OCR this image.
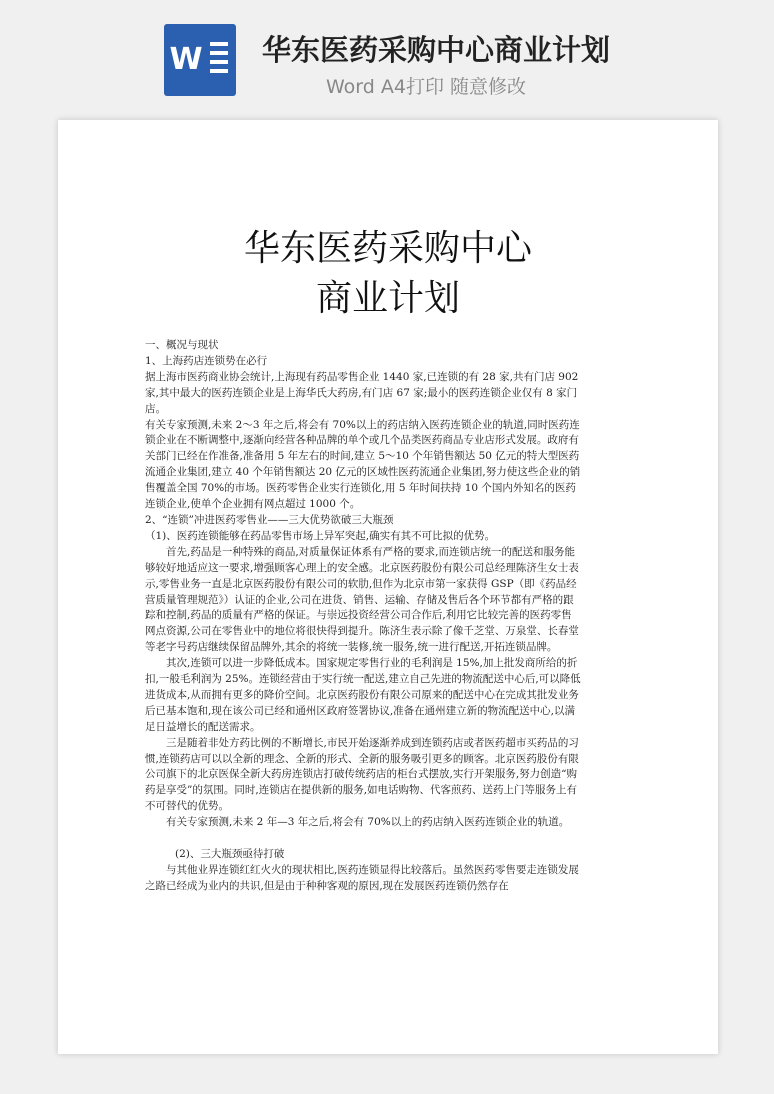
W 华东医药采购中心商业计划
Word A4打印 随意修改
华东医药采购中心
商业计划

一、概况与现状

1、上海药店连锁势在必行

据上海市医药商业协会统计,上海现有药品零售企业 1440 家,已连锁的有 28 家,共有门店 902 家,其中最大的医药连锁企业是上海华氏大药房,有门店 67 家;最小的医药连锁企业仅有 8 家门店。

有关专家预测,未来 2～3 年之后,将会有 70%以上的药店纳入医药连锁企业的轨道,同时医药连锁企业在不断调整中,逐渐向经营各种品牌的单个或几个品类医药商品专业店形式发展。政府有关部门已经在作准备,准备用 5 年左右的时间,建立 5～10 个年销售额达 50 亿元的特大型医药流通企业集团,建立 40 个年销售额达 20 亿元的区域性医药流通企业集团,努力使这些企业的销售覆盖全国 70%的市场。医药零售企业实行连锁化,用 5 年时间扶持 10 个国内外知名的医药连锁企业,使单个企业拥有网点超过 1000 个。

2、“连锁”冲进医药零售业——三大优势欲破三大瓶颈

（1)、医药连锁能够在药品零售市场上异军突起,确实有其不可比拟的优势。

首先,药品是一种特殊的商品,对质量保证体系有严格的要求,而连锁店统一的配送和服务能够较好地适应这一要求,增强顾客心理上的安全感。北京医药股份有限公司总经理陈济生女士表示,零售业务一直是北京医药股份有限公司的软肋,但作为北京市第一家获得 GSP（即《药品经营质量管理规范》）认证的企业,公司在进货、销售、运输、存储及售后各个环节都有严格的跟踪和控制,药品的质量有严格的保证。与崇远投资经营公司合作后,利用它比较完善的医药零售网点资源,公司在零售业中的地位将很快得到提升。陈济生表示除了像千芝堂、万泉堂、长春堂等老字号药店继续保留品牌外,其余的将统一装修,统一服务,统一进行配送,开拓连锁品牌。

其次,连锁可以进一步降低成本。国家规定零售行业的毛利润是 15%,加上批发商所给的折扣,一般毛利润为 25%。连锁经营由于实行统一配送,建立自己先进的物流配送中心后,可以降低进货成本,从而拥有更多的降价空间。北京医药股份有限公司原来的配送中心在完成其批发业务后已基本饱和,现在该公司已经和通州区政府签署协议,准备在通州建立新的物流配送中心,以满足日益增长的配送需求。

三是随着非处方药比例的不断增长,市民开始逐渐养成到连锁药店或者医药超市买药品的习惯,连锁药店可以以全新的理念、全新的形式、全新的服务吸引更多的顾客。北京医药股份有限公司旗下的北京医保全新大药房连锁店打破传统药店的柜台式摆放,实行开架服务,努力创造“购药是享受”的氛围。同时,连锁店在提供新的服务,如电话购物、代客煎药、送药上门等服务上有不可替代的优势。

有关专家预测,未来 2 年—3 年之后,将会有 70%以上的药店纳入医药连锁企业的轨道。

(2)、三大瓶颈亟待打破

与其他业界连锁红红火火的现状相比,医药连锁显得比较落后。虽然医药零售要走连锁发展之路已经成为业内的共识,但是由于种种客观的原因,现在发展医药连锁仍然存在
